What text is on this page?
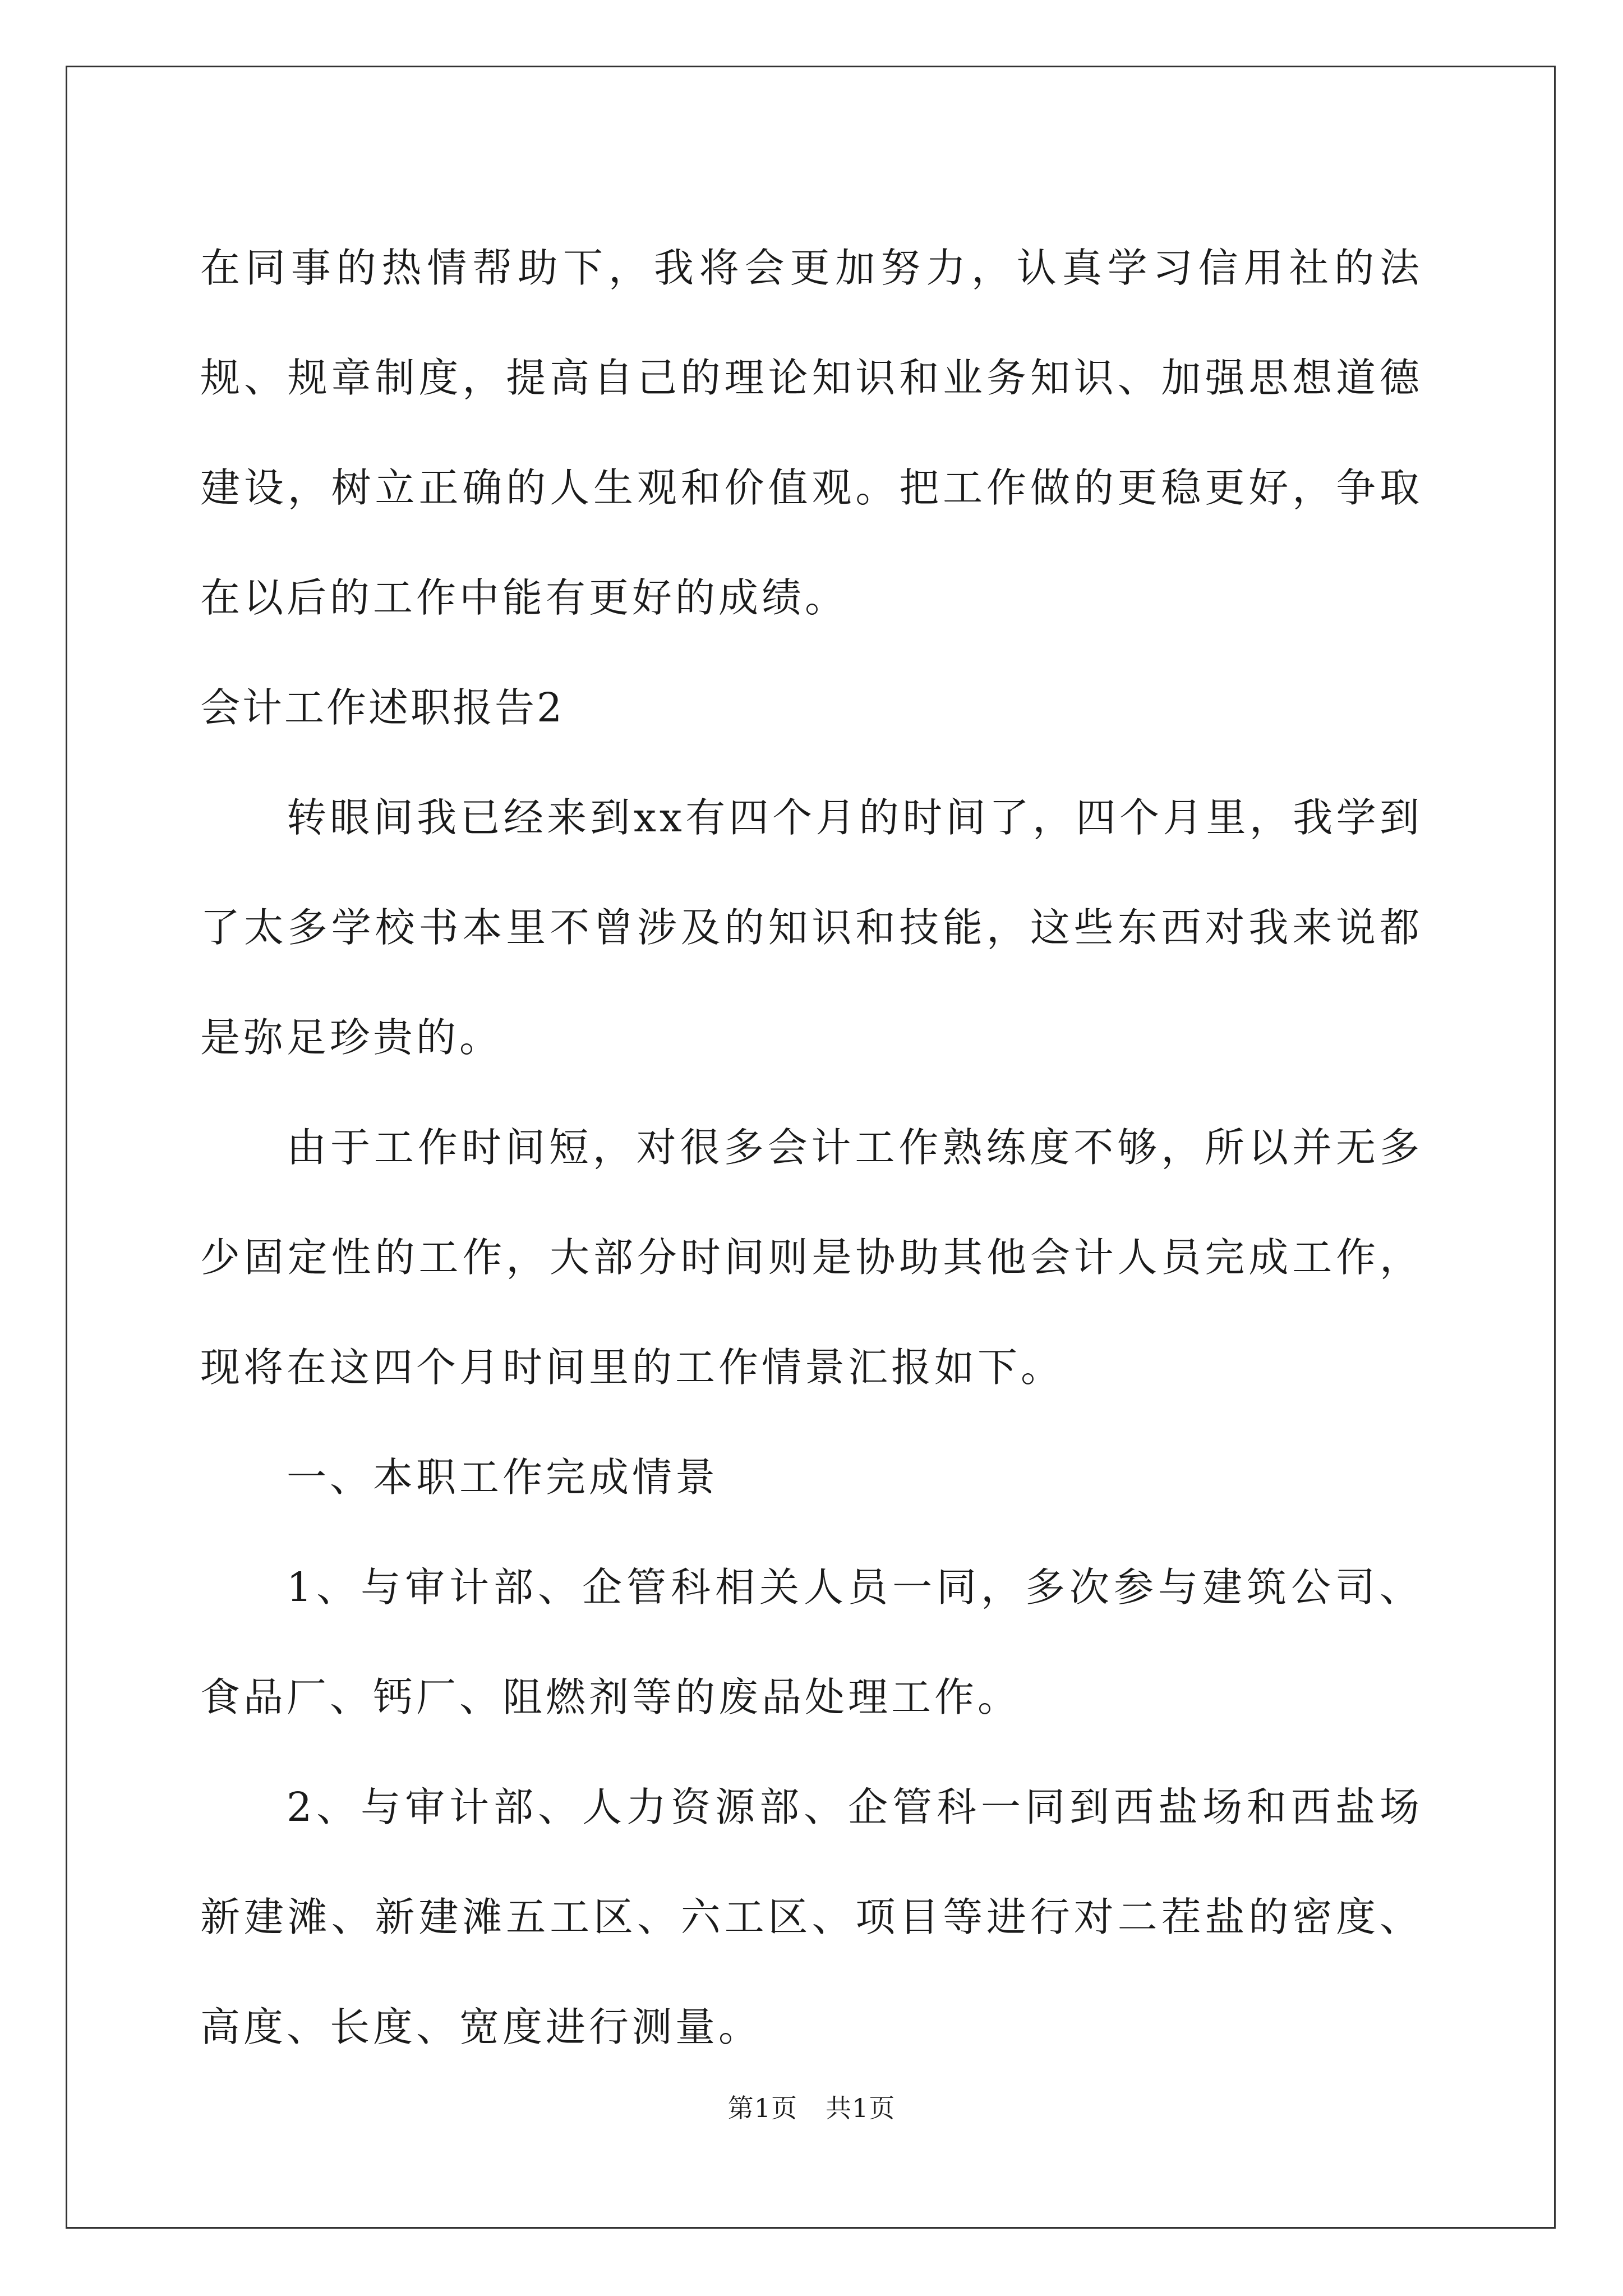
在同事的热情帮助下，我将会更加努力，认真学习信用社的法规、规章制度，提高自己的理论知识和业务知识、加强思想道德建设，树立正确的人生观和价值观。把工作做的更稳更好，争取在以后的工作中能有更好的成绩。

会计工作述职报告2

转眼间我已经来到xx有四个月的时间了，四个月里，我学到了太多学校书本里不曾涉及的知识和技能，这些东西对我来说都是弥足珍贵的。

由于工作时间短，对很多会计工作熟练度不够，所以并无多少固定性的工作，大部分时间则是协助其他会计人员完成工作，现将在这四个月时间里的工作情景汇报如下。

一、本职工作完成情景

1、与审计部、企管科相关人员一同，多次参与建筑公司、食品厂、钙厂、阻燃剂等的废品处理工作。

2、与审计部、人力资源部、企管科一同到西盐场和西盐场新建滩、新建滩五工区、六工区、项目等进行对二茬盐的密度、高度、长度、宽度进行测量。

第1页 共1页
